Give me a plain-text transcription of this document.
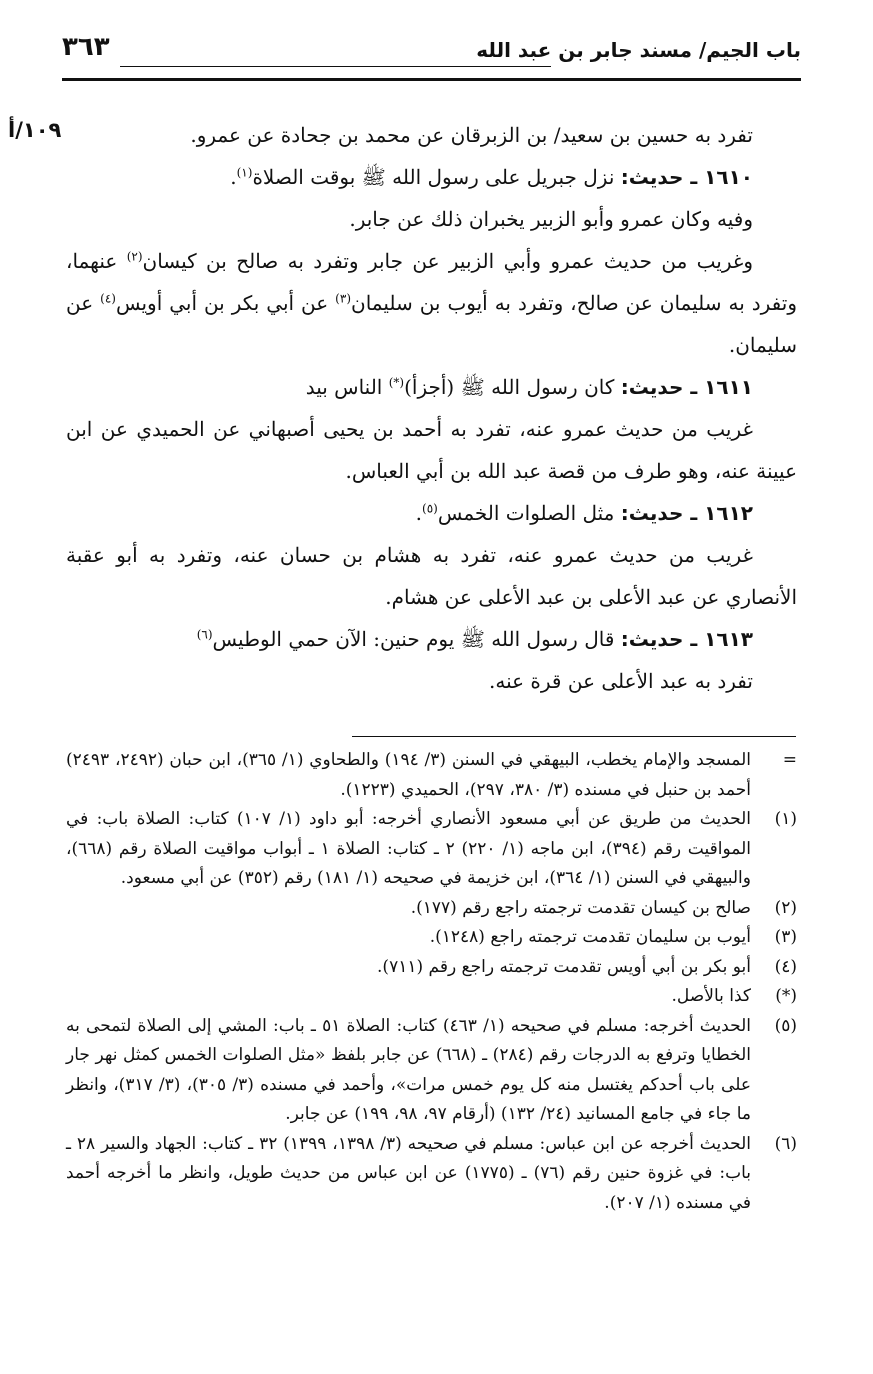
باب الجيم/ مسند جابر بن عبد الله
٣٦٣
١٠٩/أ	تفرد به حسين بن سعيد/ بن الزبرقان عن محمد بن جحادة عن عمرو.

١٦١٠ ـ حديث: نزل جبريل على رسول الله ﷺ بوقت الصلاة$^{(١)}$.

وفيه وكان عمرو وأبو الزبير يخبران ذلك عن جابر.

وغريب من حديث عمرو وأبي الزبير عن جابر وتفرد به صالح بن كيسان$^{(٢)}$ عنهما، وتفرد به سليمان عن صالح، وتفرد به أيوب بن سليمان$^{(٣)}$ عن أبي بكر بن أبي أويس$^{(٤)}$ عن سليمان.

١٦١١ ـ حديث: كان رسول الله ﷺ (أجزأ)(*) الناس بيد

غريب من حديث عمرو عنه، تفرد به أحمد بن يحيى أصبهاني عن الحميدي عن ابن عيينة عنه، وهو طرف من قصة عبد الله بن أبي العباس.

١٦١٢ ـ حديث: مثل الصلوات الخمس$^{(٥)}$.

غريب من حديث عمرو عنه، تفرد به هشام بن حسان عنه، وتفرد به أبو عقبة الأنصاري عن عبد الأعلى بن عبد الأعلى عن هشام.

١٦١٣ ـ حديث: قال رسول الله ﷺ يوم حنين: الآن حمي الوطيس$^{(٦)}$

تفرد به عبد الأعلى عن قرة عنه.

=
المسجد والإمام يخطب، البيهقي في السنن (٣/ ١٩٤) والطحاوي (١/ ٣٦٥)، ابن حبان (٢٤٩٢، ٢٤٩٣) أحمد بن حنبل في مسنده (٣/ ٣٨٠، ٢٩٧)، الحميدي (١٢٢٣).
(١)
الحديث من طريق عن أبي مسعود الأنصاري أخرجه: أبو داود (١/ ١٠٧) كتاب: الصلاة باب: في المواقيت رقم (٣٩٤)، ابن ماجه (١/ ٢٢٠) ٢ ـ كتاب: الصلاة ١ ـ أبواب مواقيت الصلاة رقم (٦٦٨)، والبيهقي في السنن (١/ ٣٦٤)، ابن خزيمة في صحيحه (١/ ١٨١) رقم (٣٥٢) عن أبي مسعود.
(٢)
صالح بن كيسان تقدمت ترجمته راجع رقم (١٧٧).
(٣)
أيوب بن سليمان تقدمت ترجمته راجع (١٢٤٨).
(٤)
أبو بكر بن أبي أويس تقدمت ترجمته راجع رقم (٧١١).
(*)
كذا بالأصل.
(٥)
الحديث أخرجه: مسلم في صحيحه (١/ ٤٦٣) كتاب: الصلاة ٥١ ـ باب: المشي إلى الصلاة لتمحى به الخطايا وترفع به الدرجات رقم (٢٨٤) ـ (٦٦٨) عن جابر بلفظ «مثل الصلوات الخمس كمثل نهر جار على باب أحدكم يغتسل منه كل يوم خمس مرات»، وأحمد في مسنده (٣/ ٣٠٥)، (٣/ ٣١٧)، وانظر ما جاء في جامع المسانيد (٢٤/ ١٣٢) (أرقام ٩٧، ٩٨، ١٩٩) عن جابر.
(٦)
الحديث أخرجه عن ابن عباس: مسلم في صحيحه (٣/ ١٣٩٨، ١٣٩٩) ٣٢ ـ كتاب: الجهاد والسير ٢٨ ـ باب: في غزوة حنين رقم (٧٦) ـ (١٧٧٥) عن ابن عباس من حديث طويل، وانظر ما أخرجه أحمد في مسنده (١/ ٢٠٧).
